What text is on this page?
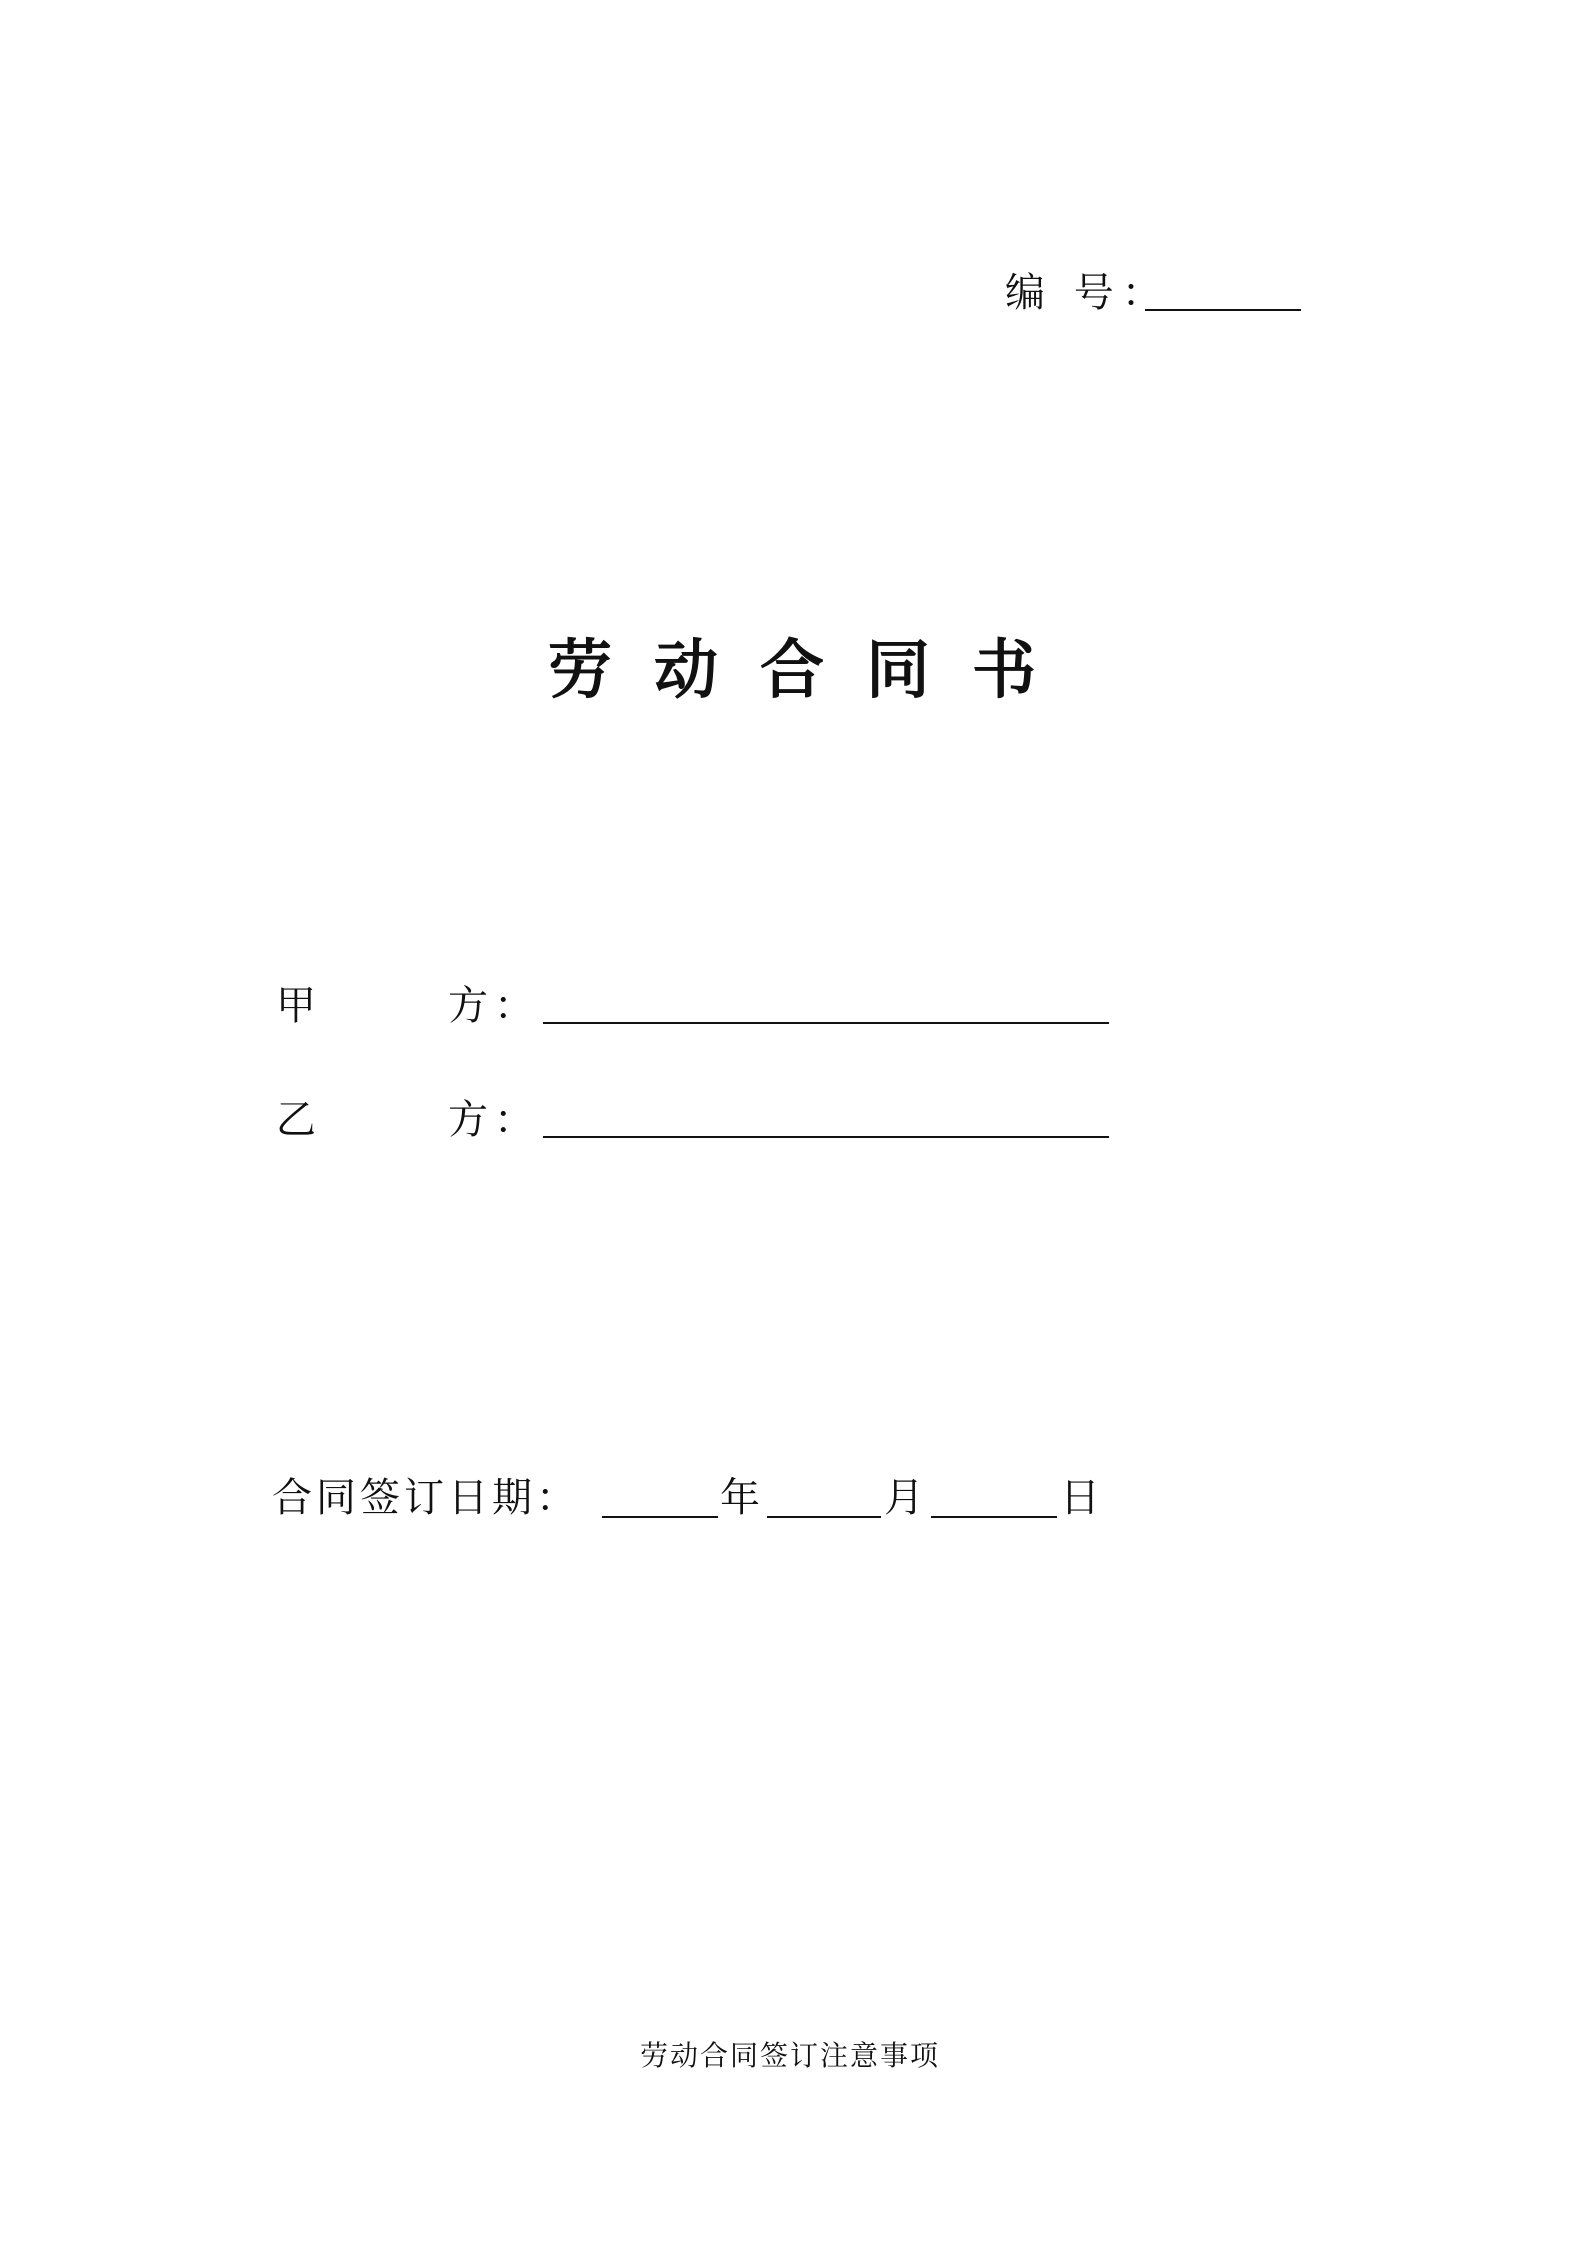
编 号：
劳动合同书
甲	方：
乙	方：
合同签订日期：	年	月	日
劳动合同签订注意事项
